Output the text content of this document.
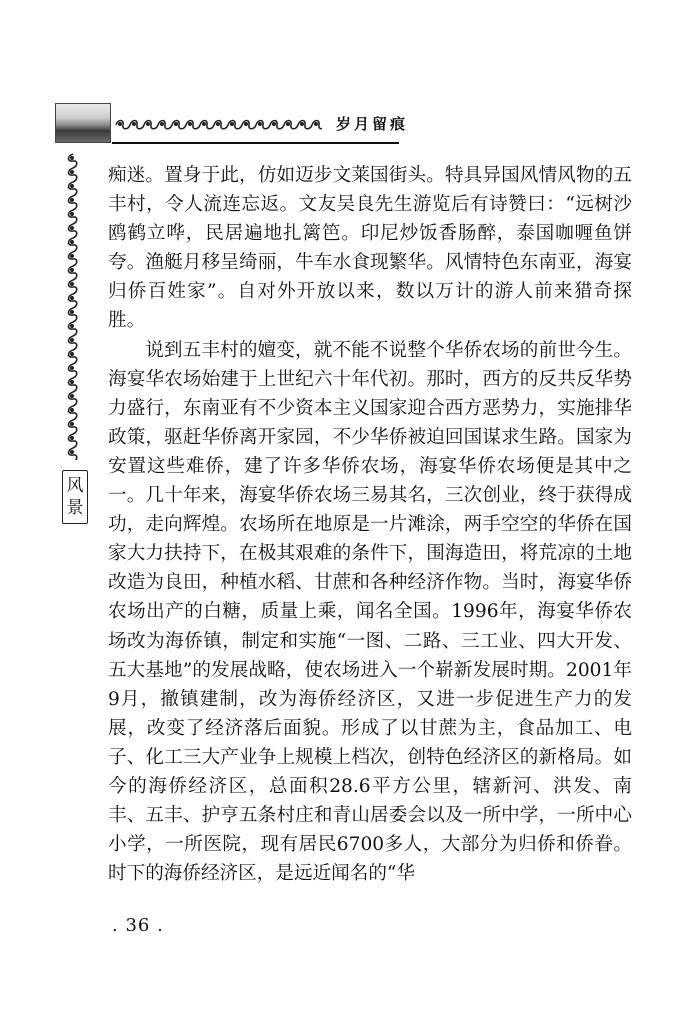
岁月留痕
风
景

痴迷。置身于此，仿如迈步文莱国街头。特具异国风情风物的五丰村，令人流连忘返。文友吴良先生游览后有诗赞曰：“远树沙鸥鹤立哗，民居遍地扎篱笆。印尼炒饭香肠醉，泰国咖喱鱼饼夸。渔艇月移呈绮丽，牛车水食现繁华。风情特色东南亚，海宴归侨百姓家”。自对外开放以来，数以万计的游人前来猎奇探胜。

说到五丰村的嬗变，就不能不说整个华侨农场的前世今生。海宴华农场始建于上世纪六十年代初。那时，西方的反共反华势力盛行，东南亚有不少资本主义国家迎合西方恶势力，实施排华政策，驱赶华侨离开家园，不少华侨被迫回国谋求生路。国家为安置这些难侨，建了许多华侨农场，海宴华侨农场便是其中之一。几十年来，海宴华侨农场三易其名，三次创业，终于获得成功，走向辉煌。农场所在地原是一片滩涂，两手空空的华侨在国家大力扶持下，在极其艰难的条件下，围海造田，将荒凉的土地改造为良田，种植水稻、甘蔗和各种经济作物。当时，海宴华侨农场出产的白糖，质量上乘，闻名全国。1996年，海宴华侨农场改为海侨镇，制定和实施“一图、二路、三工业、四大开发、五大基地”的发展战略，使农场进入一个崭新发展时期。2001年9月，撤镇建制，改为海侨经济区，又进一步促进生产力的发展，改变了经济落后面貌。形成了以甘蔗为主，食品加工、电子、化工三大产业争上规模上档次，创特色经济区的新格局。如今的海侨经济区，总面积28.6平方公里，辖新河、洪发、南丰、五丰、护亨五条村庄和青山居委会以及一所中学，一所中心小学，一所医院，现有居民6700多人，大部分为归侨和侨眷。时下的海侨经济区，是远近闻名的“华

. 36 .
